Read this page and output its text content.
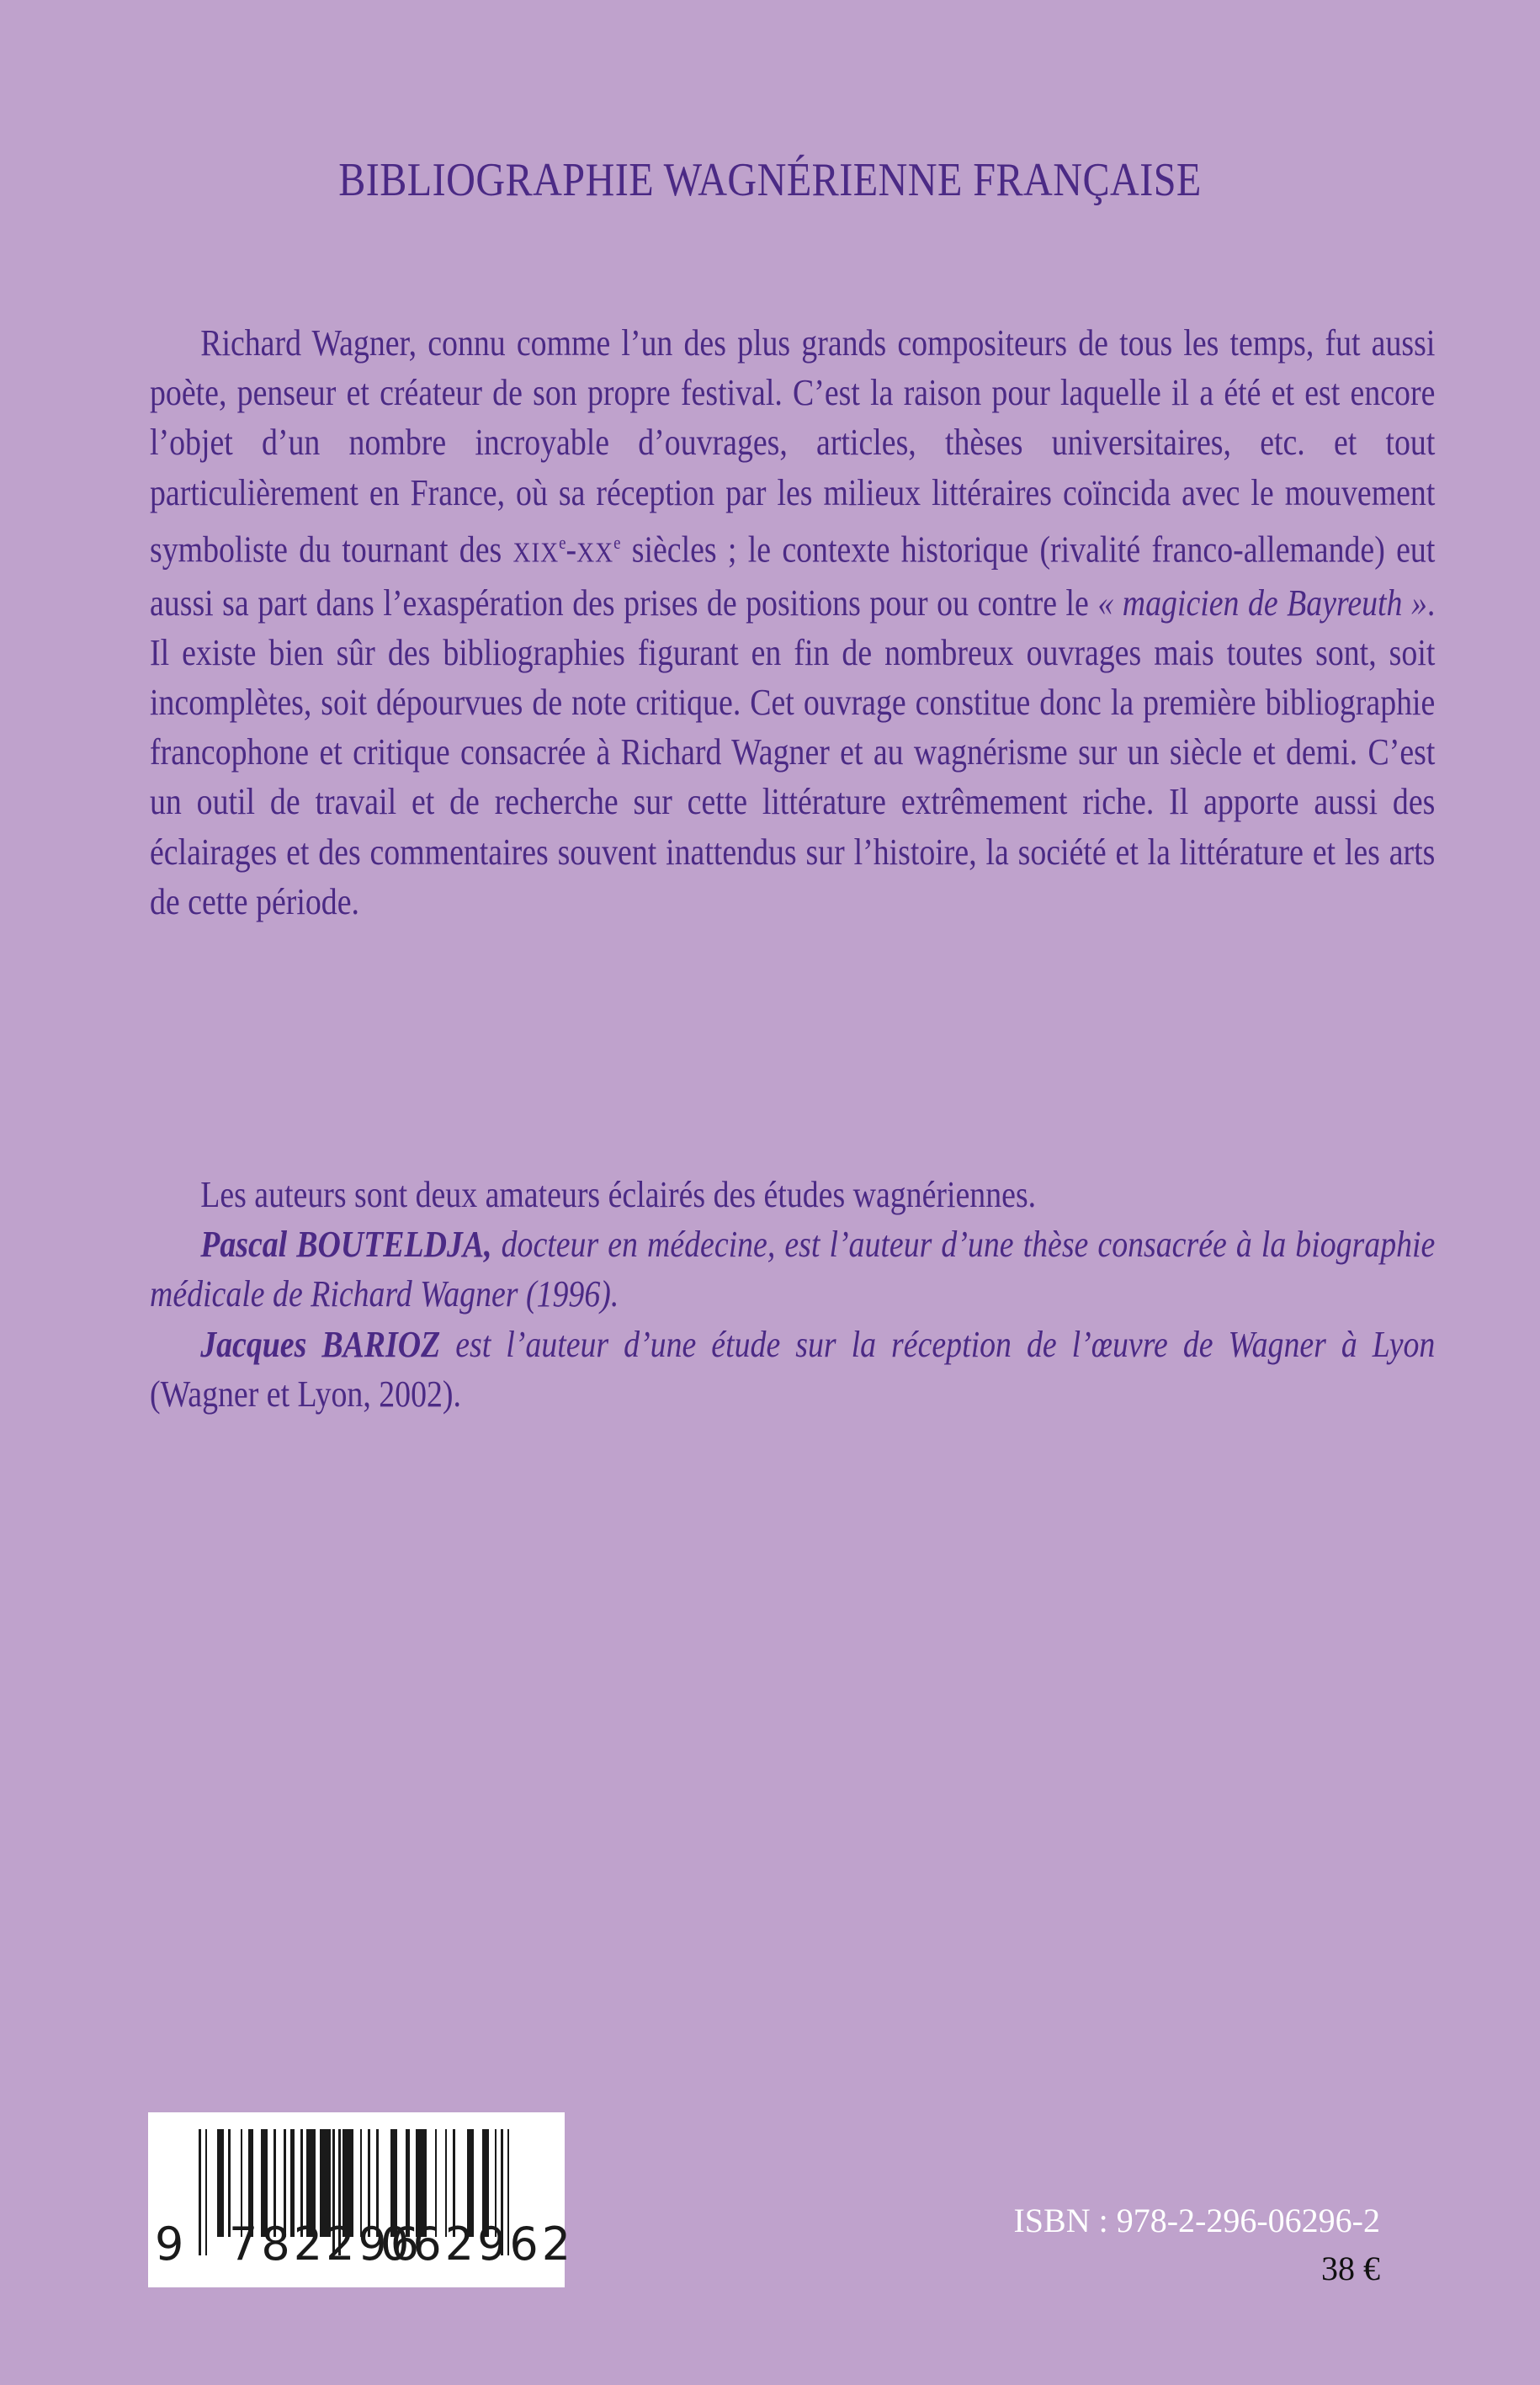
BIBLIOGRAPHIE WAGNÉRIENNE FRANÇAISE

Richard Wagner, connu comme l’un des plus grands compositeurs de tous les temps, fut aussi poète, penseur et créateur de son propre festival. C’est la raison pour laquelle il a été et est encore l’objet d’un nombre incroyable d’ouvrages, articles, thèses universitaires, etc. et tout particulièrement en France, où sa réception par les milieux littéraires coïncida avec le mouvement symboliste du tournant des XIXe-XXe siècles ; le contexte historique (rivalité franco-allemande) eut aussi sa part dans l’exaspération des prises de positions pour ou contre le « magicien de Bayreuth ». Il existe bien sûr des bibliographies figurant en fin de nombreux ouvrages mais toutes sont, soit incomplètes, soit dépourvues de note critique. Cet ouvrage constitue donc la première bibliographie francophone et critique consacrée à Richard Wagner et au wagnérisme sur un siècle et demi. C’est un outil de travail et de recherche sur cette littérature extrêmement riche. Il apporte aussi des éclairages et des commentaires souvent inattendus sur l’histoire, la société et la littérature et les arts de cette période.

Les auteurs sont deux amateurs éclairés des études wagnériennes.

Pascal BOUTELDJA, docteur en médecine, est l’auteur d’une thèse consacrée à la biographie médicale de Richard Wagner (1996).

Jacques BARIOZ est l’auteur d’une étude sur la réception de l’œuvre de Wagner à Lyon (Wagner et Lyon, 2002).

9 782296
062962	ISBN : 978-2-296-06296-2
38 €
